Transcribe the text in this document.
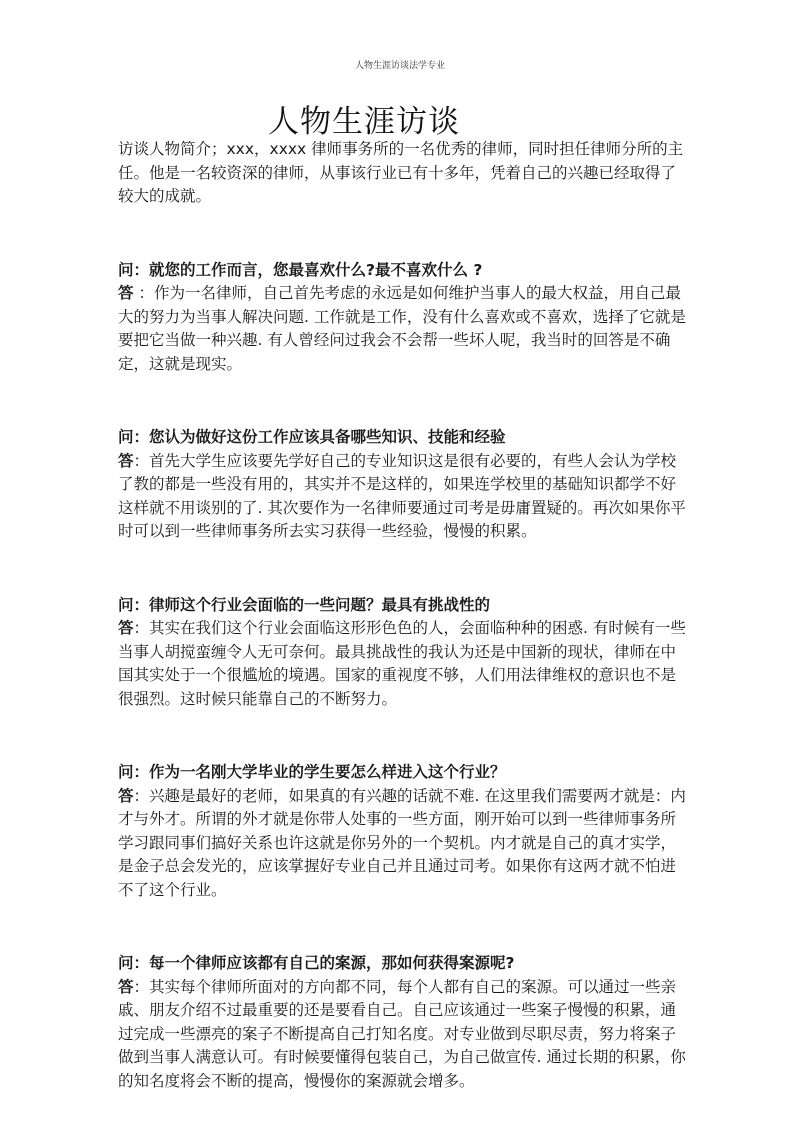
人物生涯访谈法学专业
人物生涯访谈

访谈人物简介；xxx，xxxx 律师事务所的一名优秀的律师，同时担任律师分所的主任。他是一名较资深的律师，从事该行业已有十多年，凭着自己的兴趣已经取得了较大的成就。

问：就您的工作而言，您最喜欢什么?最不喜欢什么 ?

答 ：作为一名律师，自己首先考虑的永远是如何维护当事人的最大权益，用自己最大的努力为当事人解决问题. 工作就是工作，没有什么喜欢或不喜欢，选择了它就是要把它当做一种兴趣. 有人曾经问过我会不会帮一些坏人呢，我当时的回答是不确定，这就是现实。

问：您认为做好这份工作应该具备哪些知识、技能和经验

答：首先大学生应该要先学好自己的专业知识这是很有必要的，有些人会认为学校了教的都是一些没有用的，其实并不是这样的，如果连学校里的基础知识都学不好这样就不用谈别的了. 其次要作为一名律师要通过司考是毋庸置疑的。再次如果你平时可以到一些律师事务所去实习获得一些经验，慢慢的积累。

问：律师这个行业会面临的一些问题？最具有挑战性的

答：其实在我们这个行业会面临这形形色色的人，会面临种种的困惑. 有时候有一些当事人胡搅蛮缠令人无可奈何。最具挑战性的我认为还是中国新的现状，律师在中国其实处于一个很尴尬的境遇。国家的重视度不够，人们用法律维权的意识也不是很强烈。这时候只能靠自己的不断努力。

问：作为一名刚大学毕业的学生要怎么样进入这个行业？

答：兴趣是最好的老师，如果真的有兴趣的话就不难. 在这里我们需要两才就是：内才与外才。所谓的外才就是你带人处事的一些方面，刚开始可以到一些律师事务所学习跟同事们搞好关系也许这就是你另外的一个契机。内才就是自己的真才实学，是金子总会发光的，应该掌握好专业自己并且通过司考。如果你有这两才就不怕进不了这个行业。

问：每一个律师应该都有自己的案源，那如何获得案源呢?

答：其实每个律师所面对的方向都不同，每个人都有自己的案源。可以通过一些亲戚、朋友介绍不过最重要的还是要看自己。自己应该通过一些案子慢慢的积累，通过完成一些漂亮的案子不断提高自己打知名度。对专业做到尽职尽责，努力将案子做到当事人满意认可。有时候要懂得包装自己，为自己做宣传. 通过长期的积累，你的知名度将会不断的提高，慢慢你的案源就会增多。
